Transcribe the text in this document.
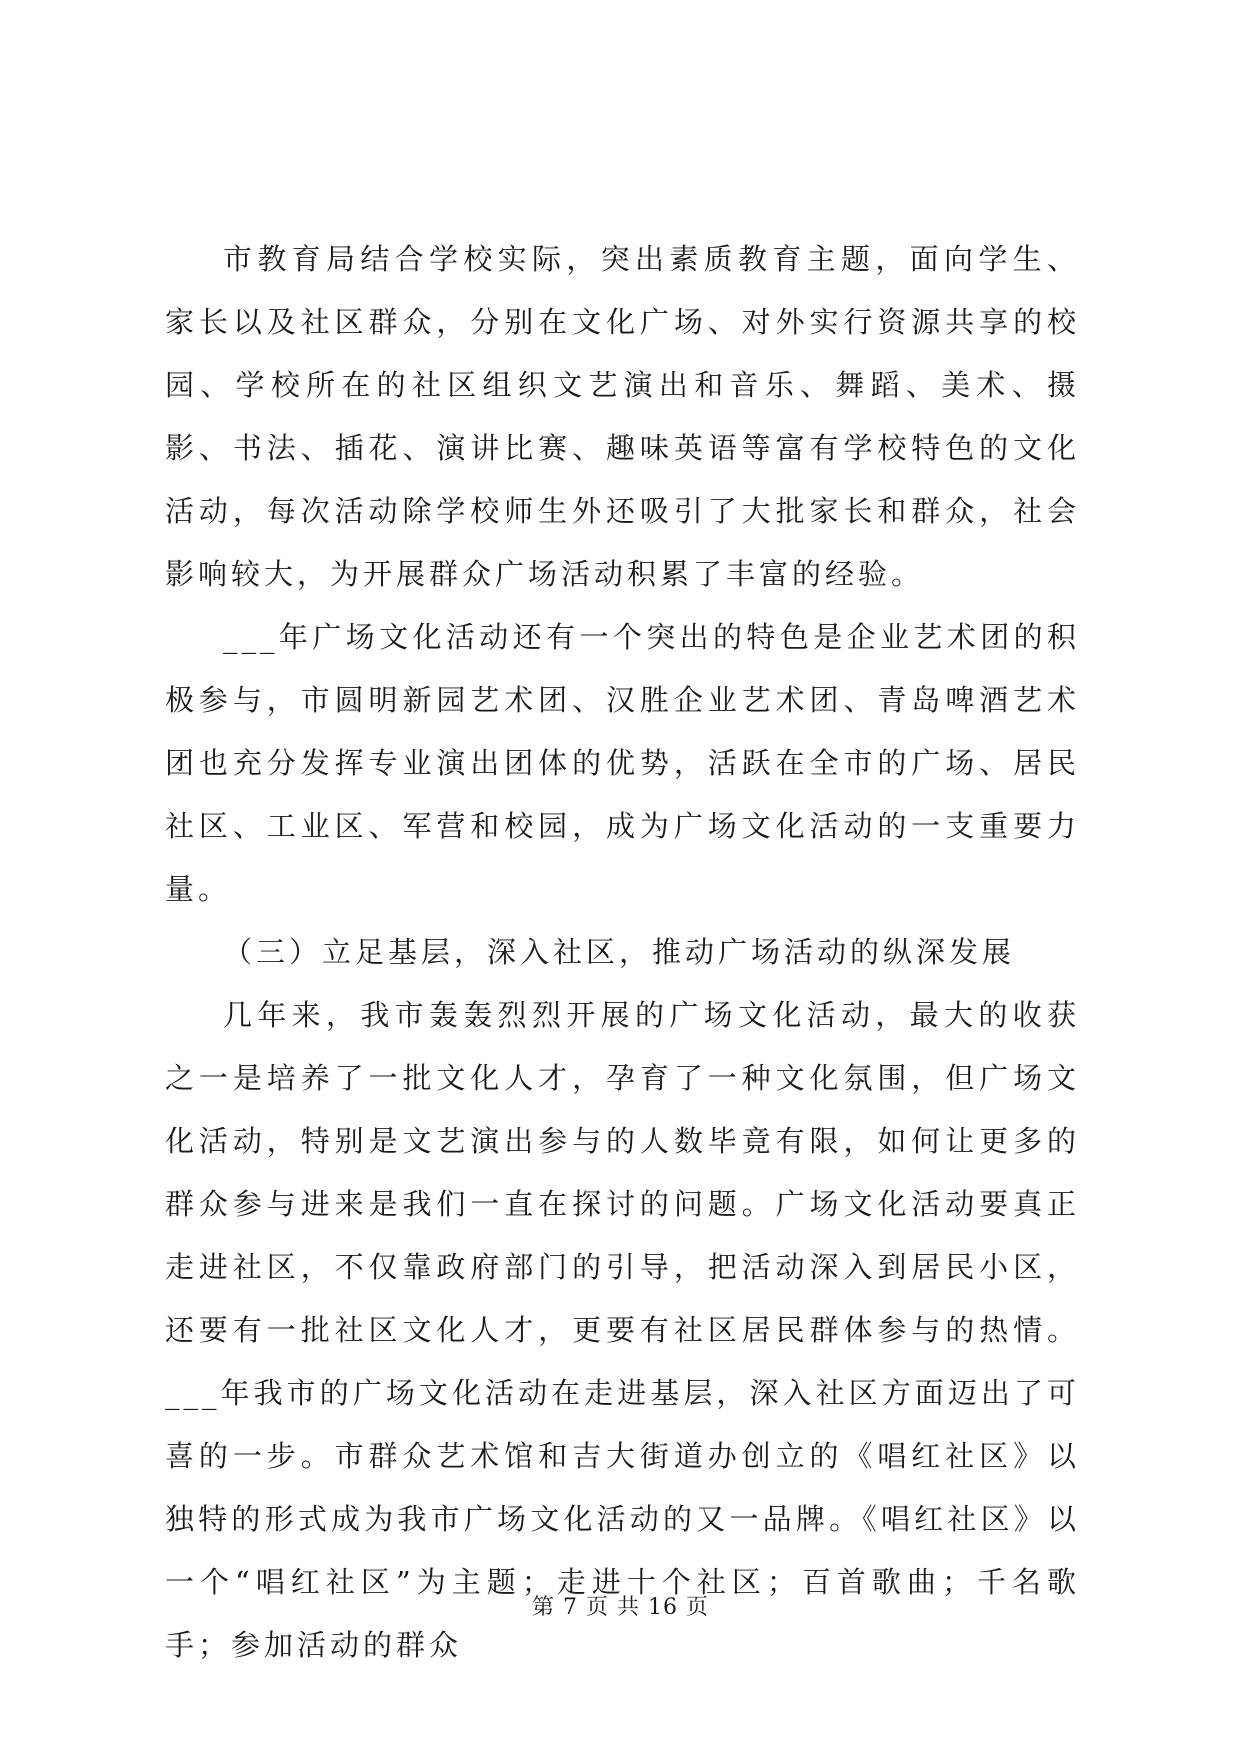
市教育局结合学校实际，突出素质教育主题，面向学生、家长以及社区群众，分别在文化广场、对外实行资源共享的校园、学校所在的社区组织文艺演出和音乐、舞蹈、美术、摄影、书法、插花、演讲比赛、趣味英语等富有学校特色的文化活动，每次活动除学校师生外还吸引了大批家长和群众，社会影响较大，为开展群众广场活动积累了丰富的经验。

___年广场文化活动还有一个突出的特色是企业艺术团的积极参与，市圆明新园艺术团、汉胜企业艺术团、青岛啤酒艺术团也充分发挥专业演出团体的优势，活跃在全市的广场、居民社区、工业区、军营和校园，成为广场文化活动的一支重要力量。

（三）立足基层，深入社区，推动广场活动的纵深发展

几年来，我市轰轰烈烈开展的广场文化活动，最大的收获之一是培养了一批文化人才，孕育了一种文化氛围，但广场文化活动，特别是文艺演出参与的人数毕竟有限，如何让更多的群众参与进来是我们一直在探讨的问题。广场文化活动要真正走进社区，不仅靠政府部门的引导，把活动深入到居民小区，还要有一批社区文化人才，更要有社区居民群体参与的热情。___年我市的广场文化活动在走进基层，深入社区方面迈出了可喜的一步。市群众艺术馆和吉大街道办创立的《唱红社区》以独特的形式成为我市广场文化活动的又一品牌。《唱红社区》以一个“唱红社区”为主题；走进十个社区；百首歌曲；千名歌手；参加活动的群众

第 7 页 共 16 页
